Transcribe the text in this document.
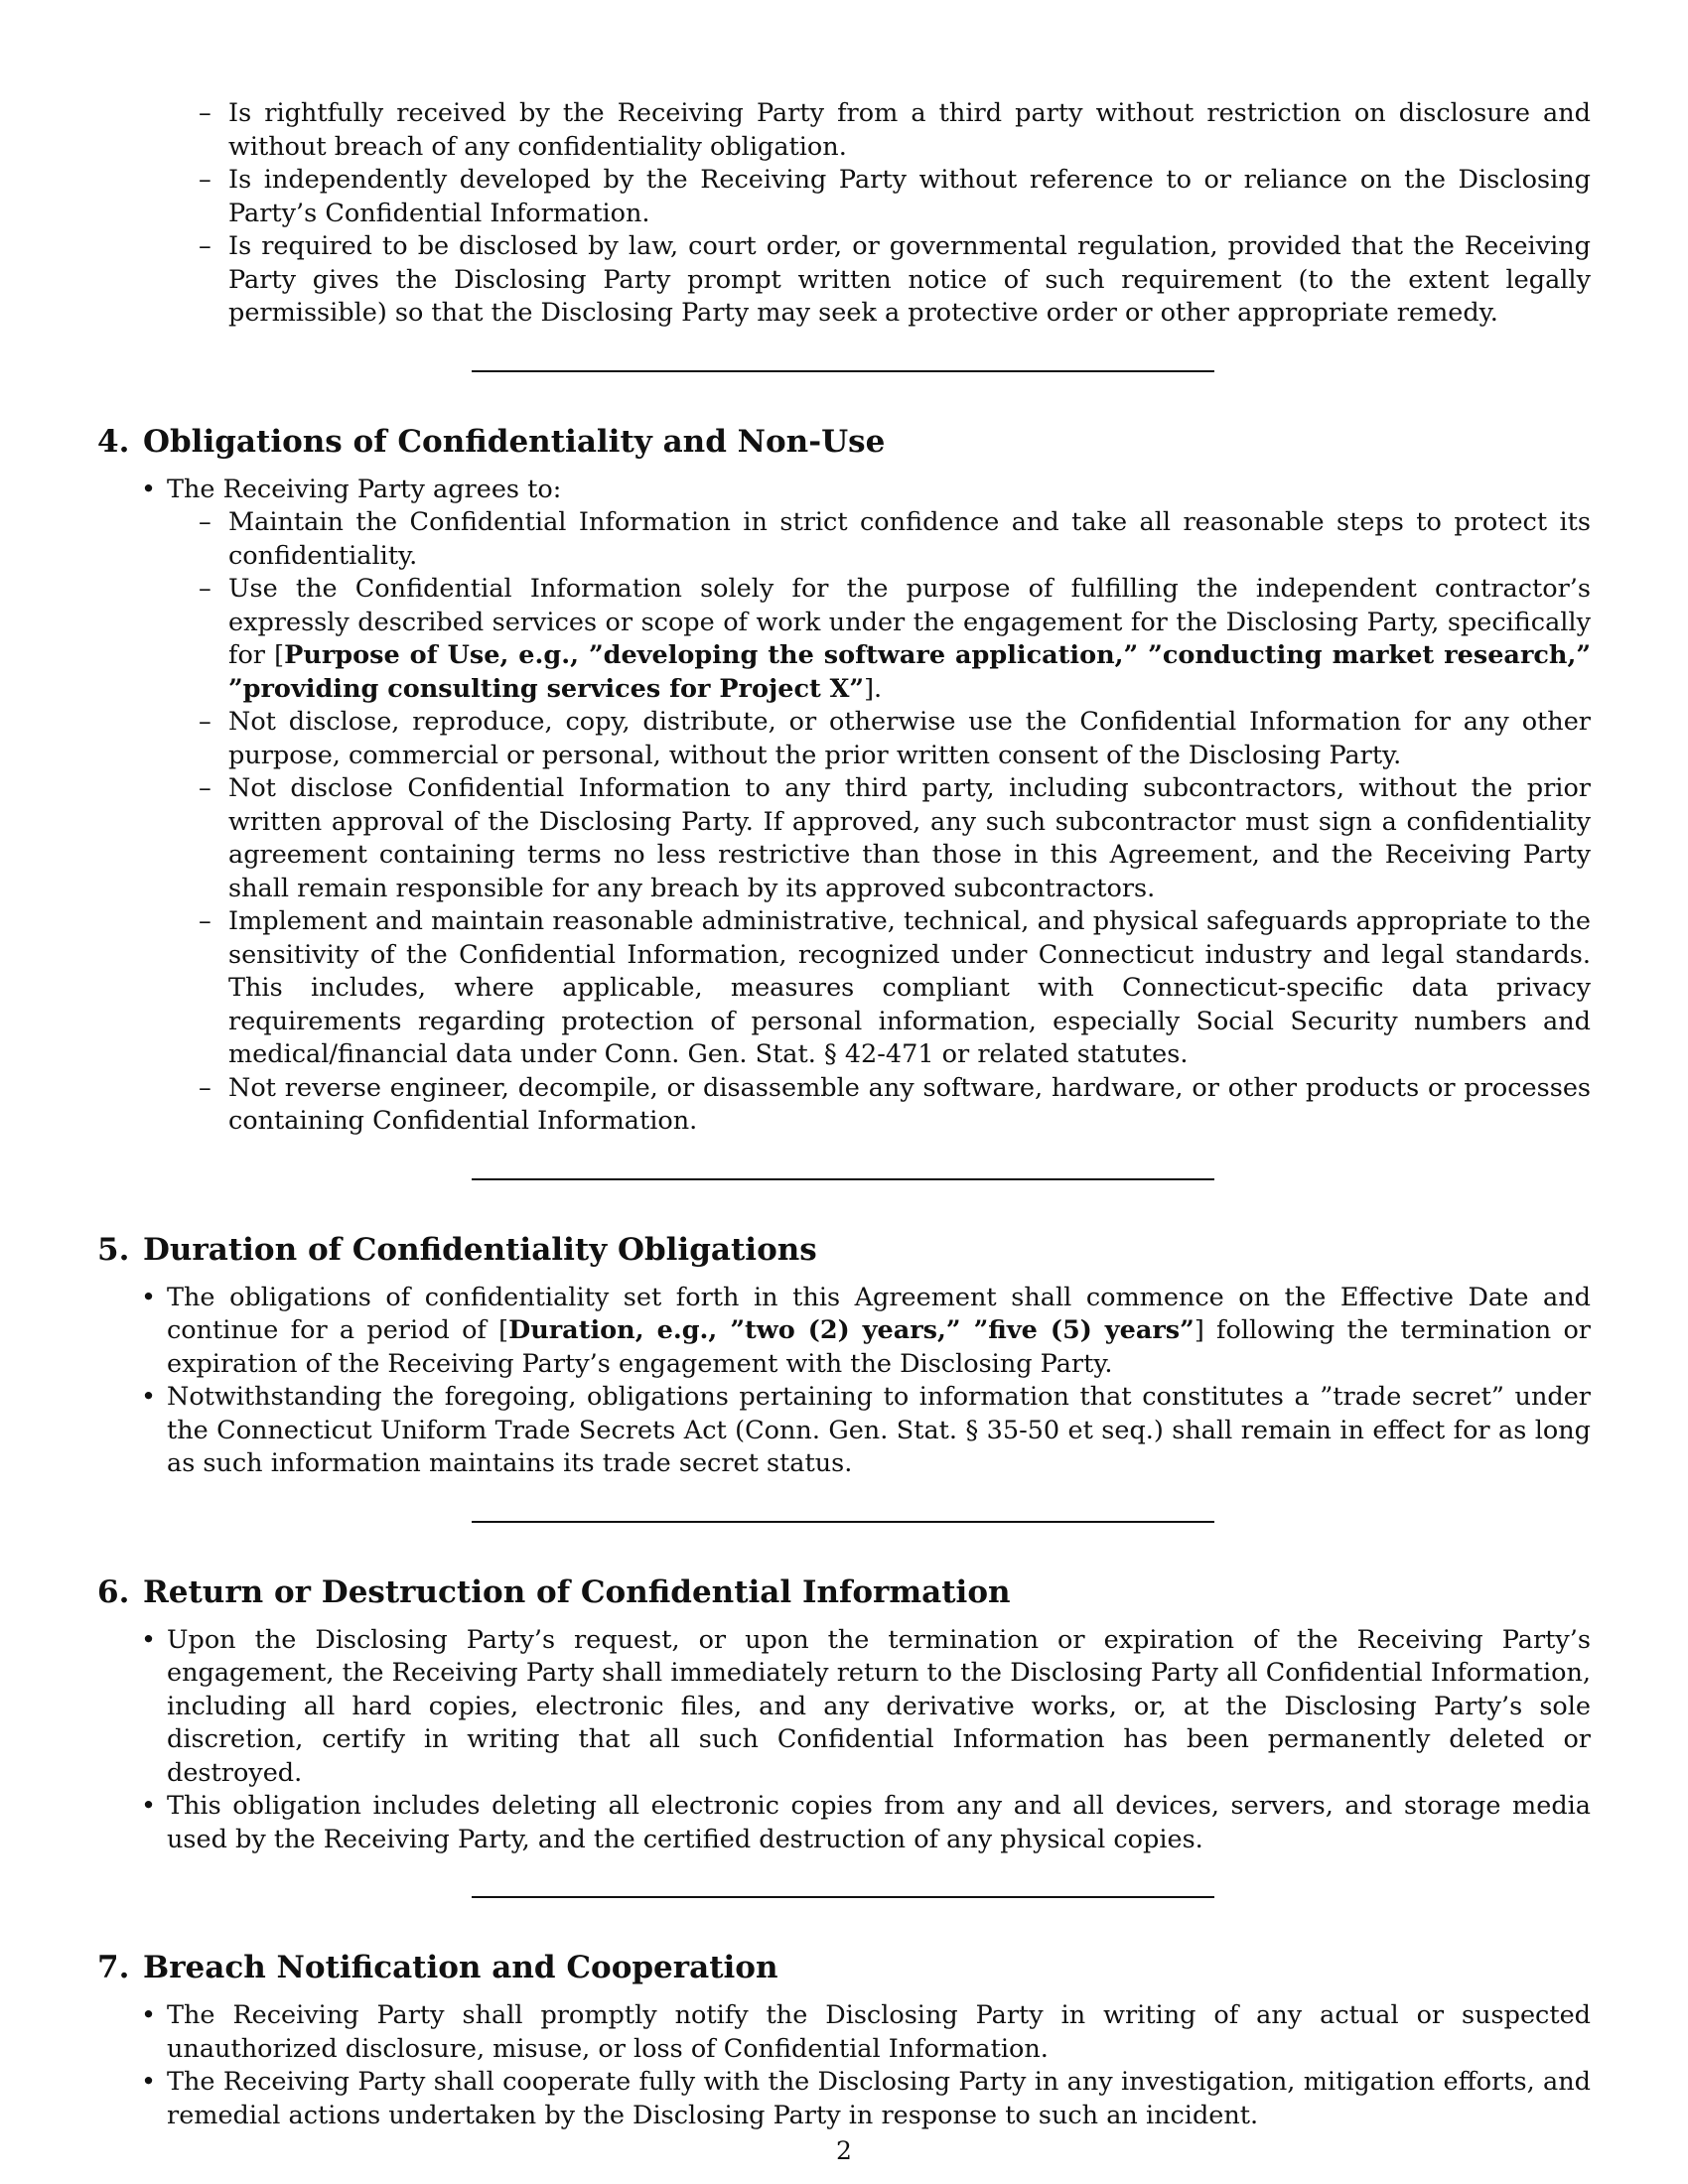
– Is rightfully received by the Receiving Party from a third party without restriction on disclosure and without breach of any confidentiality obligation.
– Is independently developed by the Receiving Party without reference to or reliance on the Disclosing Party’s Confidential Information.
– Is required to be disclosed by law, court order, or governmental regulation, provided that the Receiving Party gives the Disclosing Party prompt written notice of such requirement (to the extent legally permissible) so that the Disclosing Party may seek a protective order or other appropriate remedy.
4. Obligations of Confidentiality and Non-Use
• The Receiving Party agrees to:
– Maintain the Confidential Information in strict confidence and take all reasonable steps to protect its confidentiality.
– Use the Confidential Information solely for the purpose of fulfilling the independent contractor’s expressly described services or scope of work under the engagement for the Disclosing Party, specifically for [Purpose of Use, e.g., ”developing the software application,” ”conducting market research,” ”providing consulting services for Project X”].
– Not disclose, reproduce, copy, distribute, or otherwise use the Confidential Information for any other purpose, commercial or personal, without the prior written consent of the Disclosing Party.
– Not disclose Confidential Information to any third party, including subcontractors, without the prior written approval of the Disclosing Party. If approved, any such subcontractor must sign a confidentiality agreement containing terms no less restrictive than those in this Agreement, and the Receiving Party shall remain responsible for any breach by its approved subcontractors.
– Implement and maintain reasonable administrative, technical, and physical safeguards appropriate to the sensitivity of the Confidential Information, recognized under Connecticut industry and legal standards. This includes, where applicable, measures compliant with Connecticut-specific data privacy requirements regarding protection of personal information, especially Social Security numbers and medical/financial data under Conn. Gen. Stat. § 42-471 or related statutes.
– Not reverse engineer, decompile, or disassemble any software, hardware, or other products or processes containing Confidential Information.
5. Duration of Confidentiality Obligations
• The obligations of confidentiality set forth in this Agreement shall commence on the Effective Date and continue for a period of [Duration, e.g., ”two (2) years,” ”five (5) years”] following the termination or expiration of the Receiving Party’s engagement with the Disclosing Party.
• Notwithstanding the foregoing, obligations pertaining to information that constitutes a ”trade secret” under the Connecticut Uniform Trade Secrets Act (Conn. Gen. Stat. § 35-50 et seq.) shall remain in effect for as long as such information maintains its trade secret status.
6. Return or Destruction of Confidential Information
• Upon the Disclosing Party’s request, or upon the termination or expiration of the Receiving Party’s engagement, the Receiving Party shall immediately return to the Disclosing Party all Confidential Information, including all hard copies, electronic files, and any derivative works, or, at the Disclosing Party’s sole discretion, certify in writing that all such Confidential Information has been permanently deleted or destroyed.
• This obligation includes deleting all electronic copies from any and all devices, servers, and storage media used by the Receiving Party, and the certified destruction of any physical copies.
7. Breach Notification and Cooperation
• The Receiving Party shall promptly notify the Disclosing Party in writing of any actual or suspected unauthorized disclosure, misuse, or loss of Confidential Information.
• The Receiving Party shall cooperate fully with the Disclosing Party in any investigation, mitigation efforts, and remedial actions undertaken by the Disclosing Party in response to such an incident.
2
